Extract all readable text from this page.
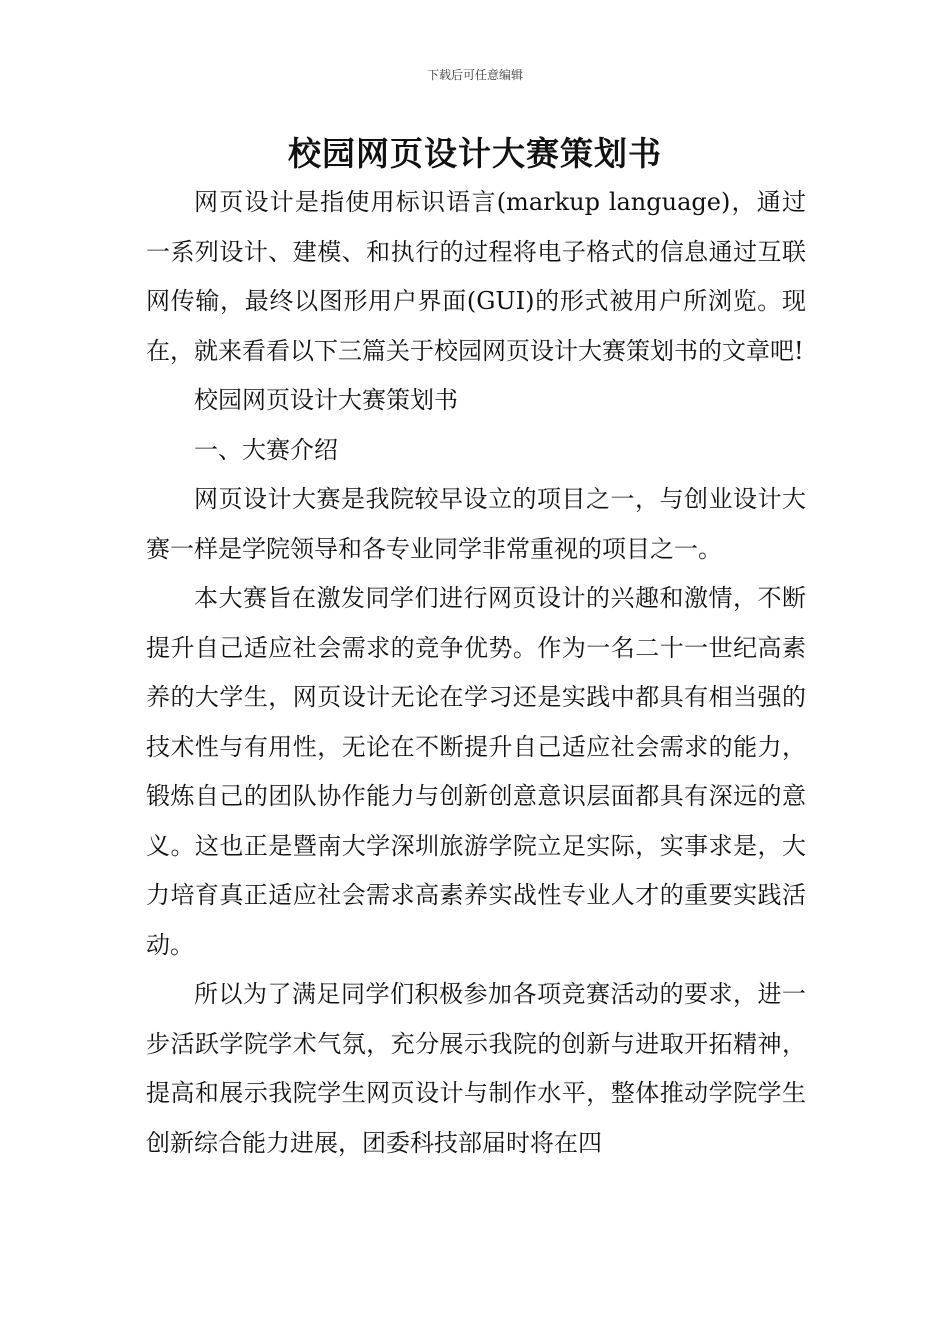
下载后可任意编辑
校园网页设计大赛策划书

网页设计是指使用标识语言(markup language)，通过一系列设计、建模、和执行的过程将电子格式的信息通过互联网传输，最终以图形用户界面(GUI)的形式被用户所浏览。现在，就来看看以下三篇关于校园网页设计大赛策划书的文章吧!

校园网页设计大赛策划书

一、大赛介绍

网页设计大赛是我院较早设立的项目之一，与创业设计大赛一样是学院领导和各专业同学非常重视的项目之一。

本大赛旨在激发同学们进行网页设计的兴趣和激情，不断提升自己适应社会需求的竞争优势。作为一名二十一世纪高素养的大学生，网页设计无论在学习还是实践中都具有相当强的技术性与有用性，无论在不断提升自己适应社会需求的能力，锻炼自己的团队协作能力与创新创意意识层面都具有深远的意义。这也正是暨南大学深圳旅游学院立足实际，实事求是，大力培育真正适应社会需求高素养实战性专业人才的重要实践活动。

所以为了满足同学们积极参加各项竞赛活动的要求，进一步活跃学院学术气氛，充分展示我院的创新与进取开拓精神，提高和展示我院学生网页设计与制作水平，整体推动学院学生创新综合能力进展，团委科技部届时将在四
